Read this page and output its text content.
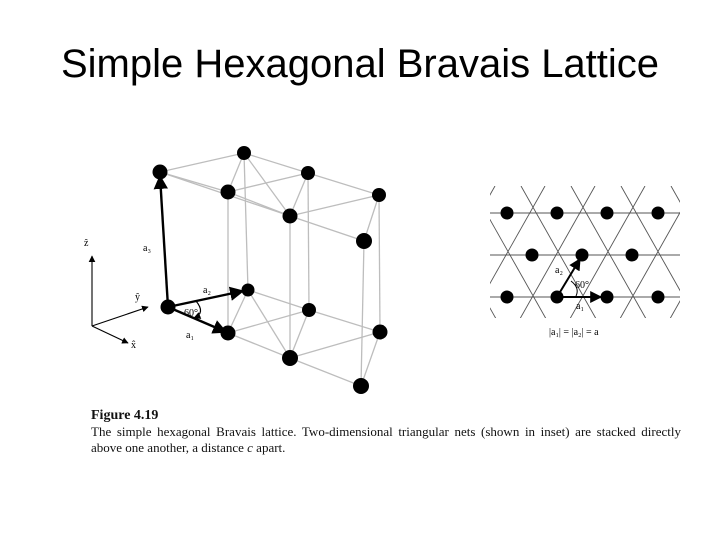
Simple Hexagonal Bravais Lattice
a₃
a₂
60°
a₁
ẑ
ŷ
x̂
a₂
60°
a₁
|a₁| = |a₂| = a
Figure 4.19
The simple hexagonal Bravais lattice. Two-dimensional triangular nets (shown in inset) are stacked directly above one another, a distance c apart.
